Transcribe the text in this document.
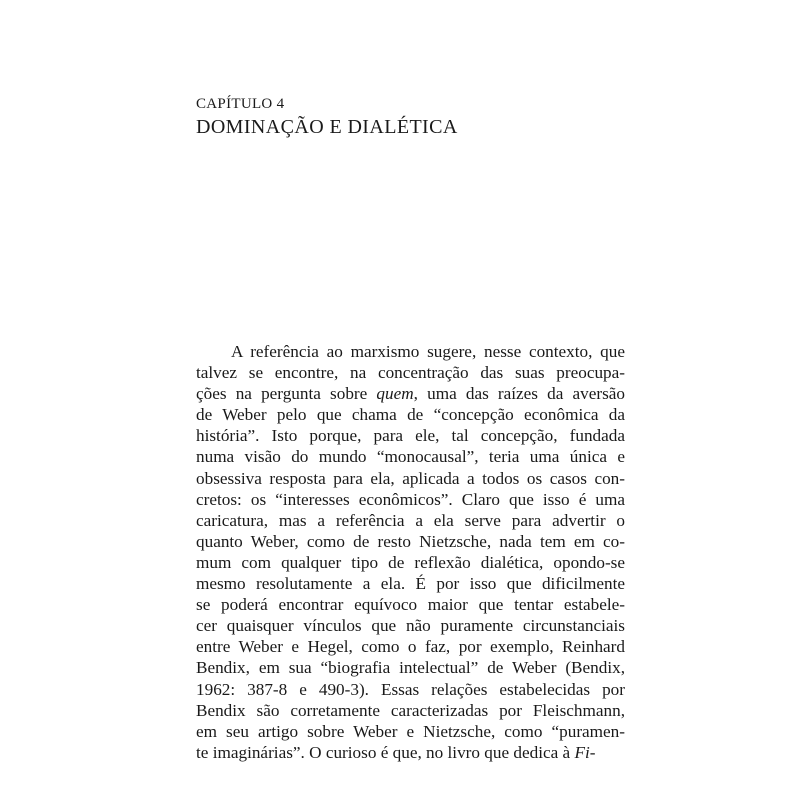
CAPÍTULO 4
DOMINAÇÃO E DIALÉTICA
A referência ao marxismo sugere, nesse contexto, que
talvez se encontre, na concentração das suas preocupa-
ções na pergunta sobre quem, uma das raízes da aversão
de Weber pelo que chama de “concepção econômica da
história”. Isto porque, para ele, tal concepção, fundada
numa visão do mundo “monocausal”, teria uma única e
obsessiva resposta para ela, aplicada a todos os casos con-
cretos: os “interesses econômicos”. Claro que isso é uma
caricatura, mas a referência a ela serve para advertir o
quanto Weber, como de resto Nietzsche, nada tem em co-
mum com qualquer tipo de reflexão dialética, opondo-se
mesmo resolutamente a ela. É por isso que dificilmente
se poderá encontrar equívoco maior que tentar estabele-
cer quaisquer vínculos que não puramente circunstanciais
entre Weber e Hegel, como o faz, por exemplo, Reinhard
Bendix, em sua “biografia intelectual” de Weber (Bendix,
1962: 387-8 e 490-3). Essas relações estabelecidas por
Bendix são corretamente caracterizadas por Fleischmann,
em seu artigo sobre Weber e Nietzsche, como “puramen-
te imaginárias”. O curioso é que, no livro que dedica à Fi-
